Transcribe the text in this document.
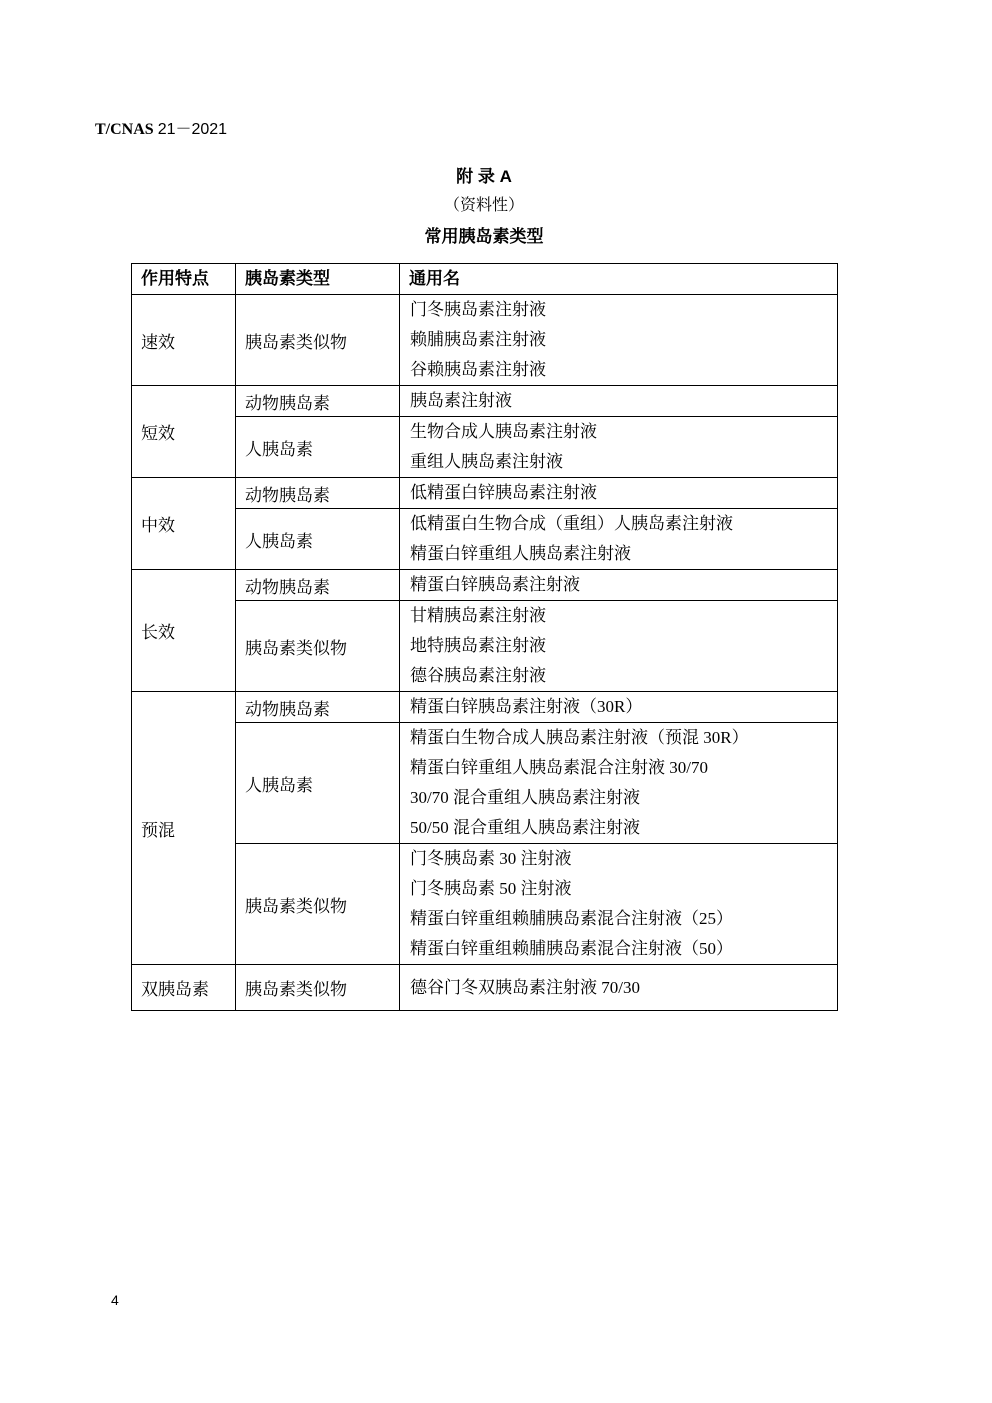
T/CNAS 21－2021
附 录 A
（资料性）
常用胰岛素类型
作用特点	胰岛素类型	通用名
速效	胰岛素类似物	门冬胰岛素注射液
赖脯胰岛素注射液
谷赖胰岛素注射液

短效	动物胰岛素	胰岛素注射液

	人胰岛素	生物合成人胰岛素注射液
重组人胰岛素注射液

中效	动物胰岛素	低精蛋白锌胰岛素注射液

	人胰岛素	低精蛋白生物合成（重组）人胰岛素注射液
精蛋白锌重组人胰岛素注射液

长效	动物胰岛素	精蛋白锌胰岛素注射液

	胰岛素类似物	甘精胰岛素注射液
地特胰岛素注射液
德谷胰岛素注射液

预混	动物胰岛素	精蛋白锌胰岛素注射液（30R）

	人胰岛素	精蛋白生物合成人胰岛素注射液（预混 30R）
精蛋白锌重组人胰岛素混合注射液 30/70
30/70 混合重组人胰岛素注射液
50/50 混合重组人胰岛素注射液

	胰岛素类似物	门冬胰岛素 30 注射液
门冬胰岛素 50 注射液
精蛋白锌重组赖脯胰岛素混合注射液（25）
精蛋白锌重组赖脯胰岛素混合注射液（50）

双胰岛素	胰岛素类似物	德谷门冬双胰岛素注射液 70/30
4
